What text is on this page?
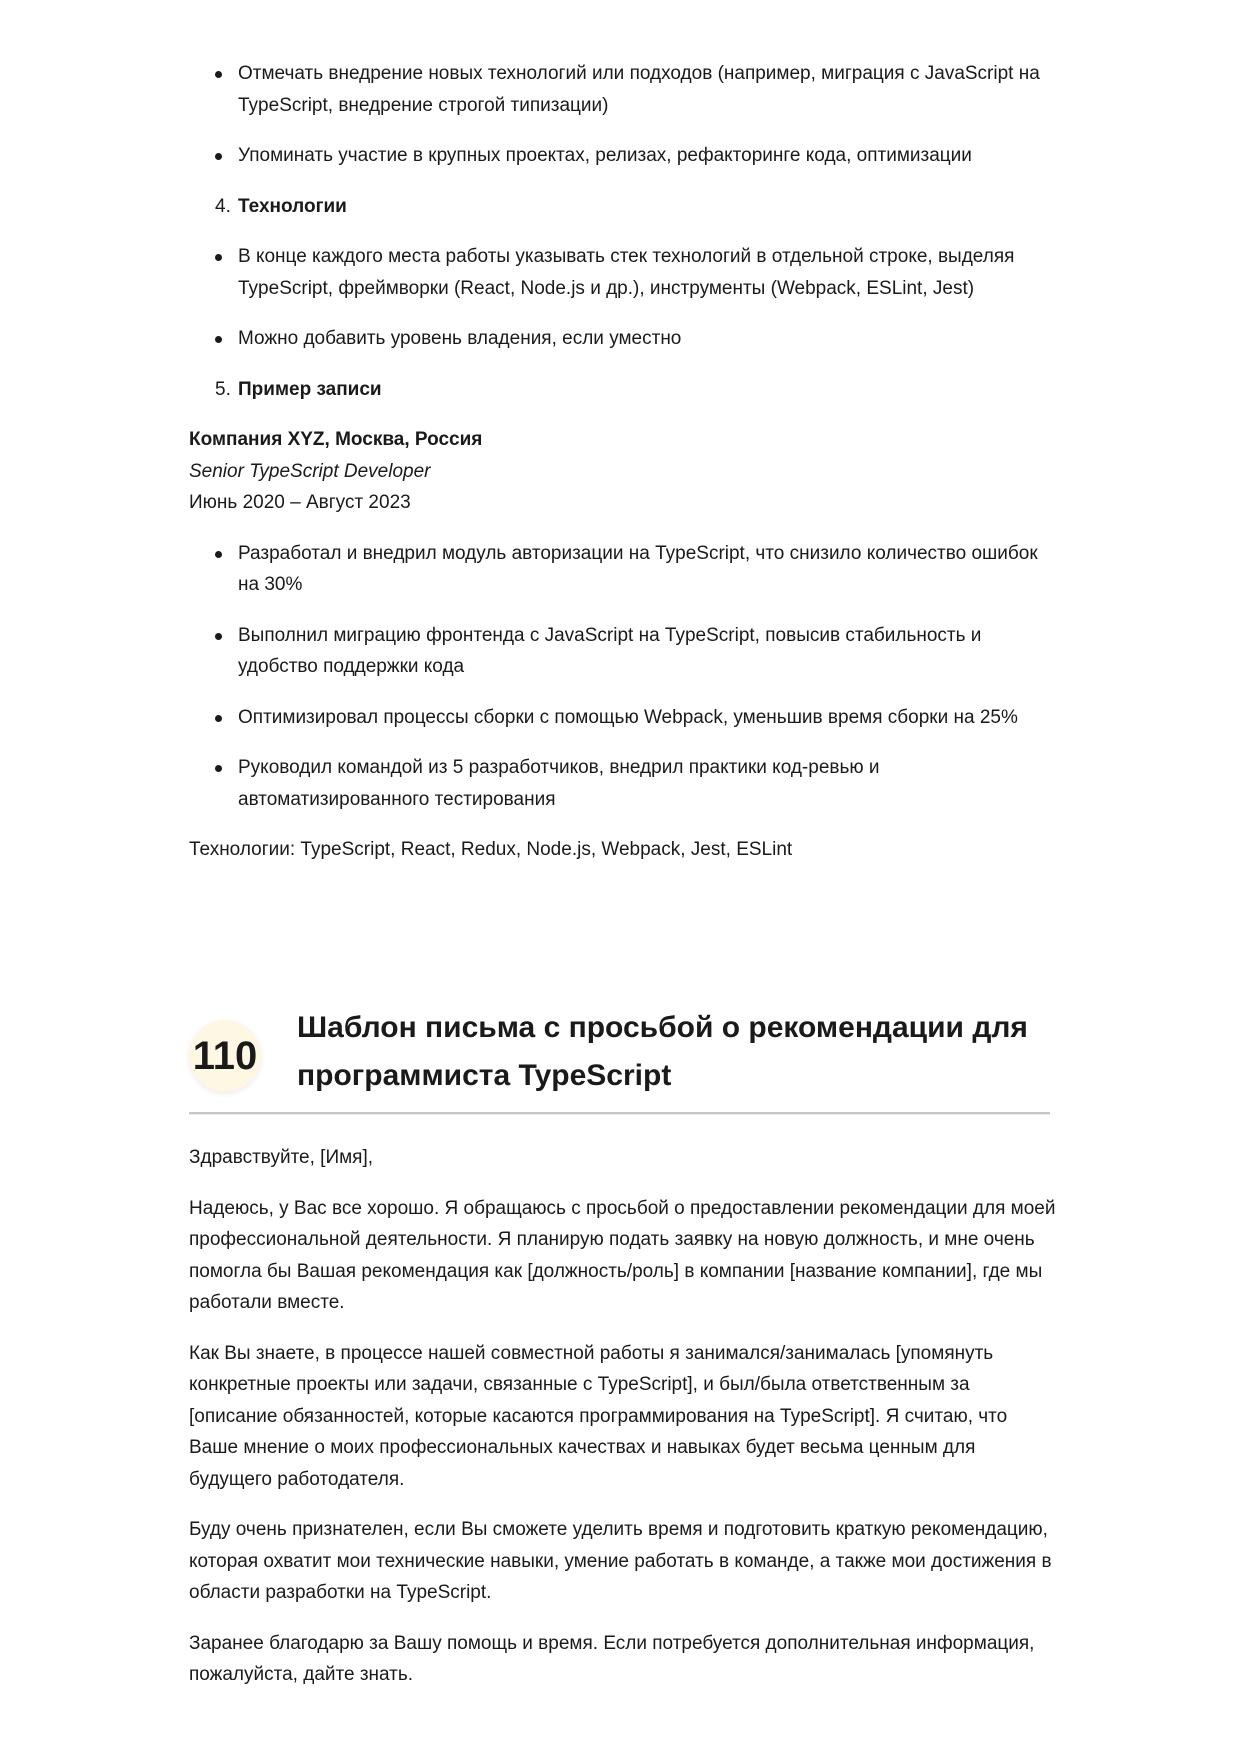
Отмечать внедрение новых технологий или подходов (например, миграция с JavaScript на TypeScript, внедрение строгой типизации)
Упоминать участие в крупных проектах, релизах, рефакторинге кода, оптимизации
4. Технологии
В конце каждого места работы указывать стек технологий в отдельной строке, выделяя TypeScript, фреймворки (React, Node.js и др.), инструменты (Webpack, ESLint, Jest)
Можно добавить уровень владения, если уместно
5. Пример записи
Компания XYZ, Москва, Россия
Senior TypeScript Developer
Июнь 2020 – Август 2023
Разработал и внедрил модуль авторизации на TypeScript, что снизило количество ошибок на 30%
Выполнил миграцию фронтенда с JavaScript на TypeScript, повысив стабильность и удобство поддержки кода
Оптимизировал процессы сборки с помощью Webpack, уменьшив время сборки на 25%
Руководил командой из 5 разработчиков, внедрил практики код-ревью и автоматизированного тестирования

Технологии: TypeScript, React, Redux, Node.js, Webpack, Jest, ESLint

110
Шаблон письма с просьбой о рекомендации для программиста TypeScript

Здравствуйте, [Имя],

Надеюсь, у Вас все хорошо. Я обращаюсь с просьбой о предоставлении рекомендации для моей профессиональной деятельности. Я планирую подать заявку на новую должность, и мне очень помогла бы Вашая рекомендация как [должность/роль] в компании [название компании], где мы работали вместе.

Как Вы знаете, в процессе нашей совместной работы я занимался/занималась [упомянуть конкретные проекты или задачи, связанные с TypeScript], и был/была ответственным за [описание обязанностей, которые касаются программирования на TypeScript]. Я считаю, что Ваше мнение о моих профессиональных качествах и навыках будет весьма ценным для будущего работодателя.

Буду очень признателен, если Вы сможете уделить время и подготовить краткую рекомендацию, которая охватит мои технические навыки, умение работать в команде, а также мои достижения в области разработки на TypeScript.

Заранее благодарю за Вашу помощь и время. Если потребуется дополнительная информация, пожалуйста, дайте знать.
